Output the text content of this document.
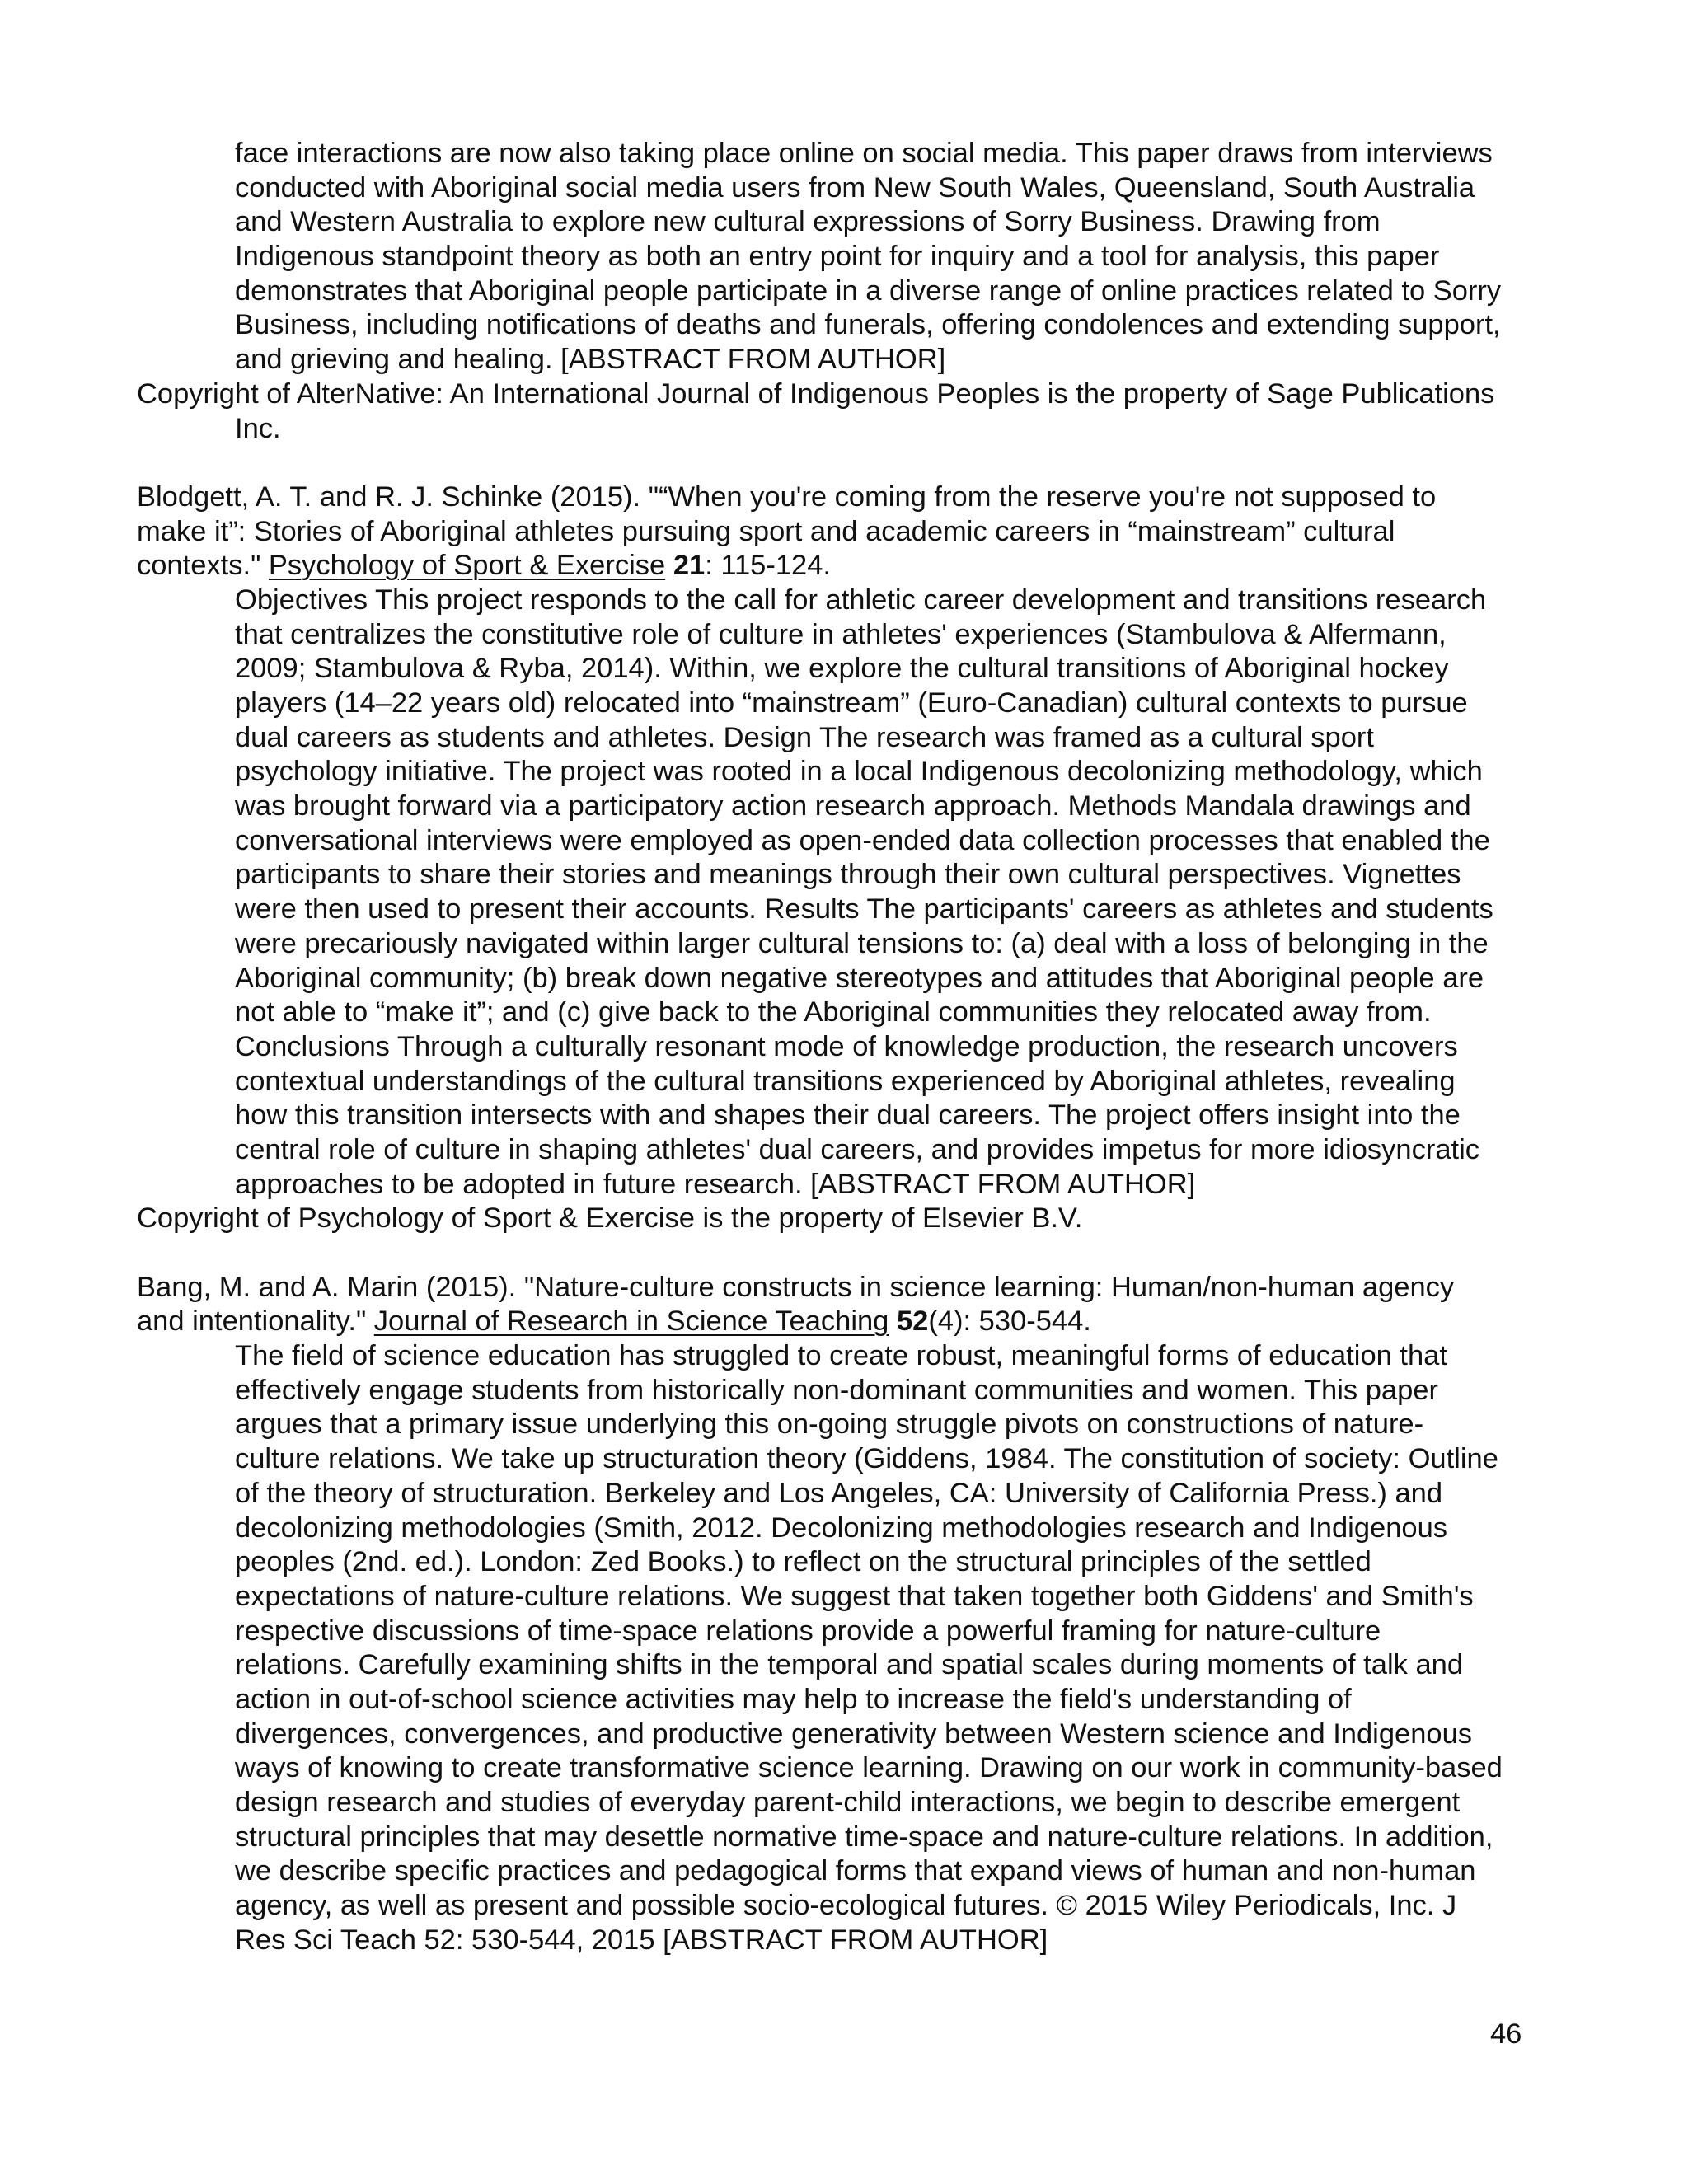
face interactions are now also taking place online on social media. This paper draws from interviews
conducted with Aboriginal social media users from New South Wales, Queensland, South Australia
and Western Australia to explore new cultural expressions of Sorry Business. Drawing from
Indigenous standpoint theory as both an entry point for inquiry and a tool for analysis, this paper
demonstrates that Aboriginal people participate in a diverse range of online practices related to Sorry
Business, including notifications of deaths and funerals, offering condolences and extending support,
and grieving and healing. [ABSTRACT FROM AUTHOR]
Copyright of AlterNative: An International Journal of Indigenous Peoples is the property of Sage Publications
Inc.
Blodgett, A. T. and R. J. Schinke (2015). "“When you're coming from the reserve you're not supposed to
make it”: Stories of Aboriginal athletes pursuing sport and academic careers in “mainstream” cultural
contexts." Psychology of Sport & Exercise 21: 115-124.
Objectives This project responds to the call for athletic career development and transitions research
that centralizes the constitutive role of culture in athletes' experiences (Stambulova & Alfermann,
2009; Stambulova & Ryba, 2014). Within, we explore the cultural transitions of Aboriginal hockey
players (14–22 years old) relocated into “mainstream” (Euro-Canadian) cultural contexts to pursue
dual careers as students and athletes. Design The research was framed as a cultural sport
psychology initiative. The project was rooted in a local Indigenous decolonizing methodology, which
was brought forward via a participatory action research approach. Methods Mandala drawings and
conversational interviews were employed as open-ended data collection processes that enabled the
participants to share their stories and meanings through their own cultural perspectives. Vignettes
were then used to present their accounts. Results The participants' careers as athletes and students
were precariously navigated within larger cultural tensions to: (a) deal with a loss of belonging in the
Aboriginal community; (b) break down negative stereotypes and attitudes that Aboriginal people are
not able to “make it”; and (c) give back to the Aboriginal communities they relocated away from.
Conclusions Through a culturally resonant mode of knowledge production, the research uncovers
contextual understandings of the cultural transitions experienced by Aboriginal athletes, revealing
how this transition intersects with and shapes their dual careers. The project offers insight into the
central role of culture in shaping athletes' dual careers, and provides impetus for more idiosyncratic
approaches to be adopted in future research. [ABSTRACT FROM AUTHOR]
Copyright of Psychology of Sport & Exercise is the property of Elsevier B.V.
Bang, M. and A. Marin (2015). "Nature-culture constructs in science learning: Human/non-human agency
and intentionality." Journal of Research in Science Teaching 52(4): 530-544.
The field of science education has struggled to create robust, meaningful forms of education that
effectively engage students from historically non-dominant communities and women. This paper
argues that a primary issue underlying this on-going struggle pivots on constructions of nature-
culture relations. We take up structuration theory (Giddens, 1984. The constitution of society: Outline
of the theory of structuration. Berkeley and Los Angeles, CA: University of California Press.) and
decolonizing methodologies (Smith, 2012. Decolonizing methodologies research and Indigenous
peoples (2nd. ed.). London: Zed Books.) to reflect on the structural principles of the settled
expectations of nature-culture relations. We suggest that taken together both Giddens' and Smith's
respective discussions of time-space relations provide a powerful framing for nature-culture
relations. Carefully examining shifts in the temporal and spatial scales during moments of talk and
action in out-of-school science activities may help to increase the field's understanding of
divergences, convergences, and productive generativity between Western science and Indigenous
ways of knowing to create transformative science learning. Drawing on our work in community-based
design research and studies of everyday parent-child interactions, we begin to describe emergent
structural principles that may desettle normative time-space and nature-culture relations. In addition,
we describe specific practices and pedagogical forms that expand views of human and non-human
agency, as well as present and possible socio-ecological futures. © 2015 Wiley Periodicals, Inc. J
Res Sci Teach 52: 530-544, 2015 [ABSTRACT FROM AUTHOR]
46
